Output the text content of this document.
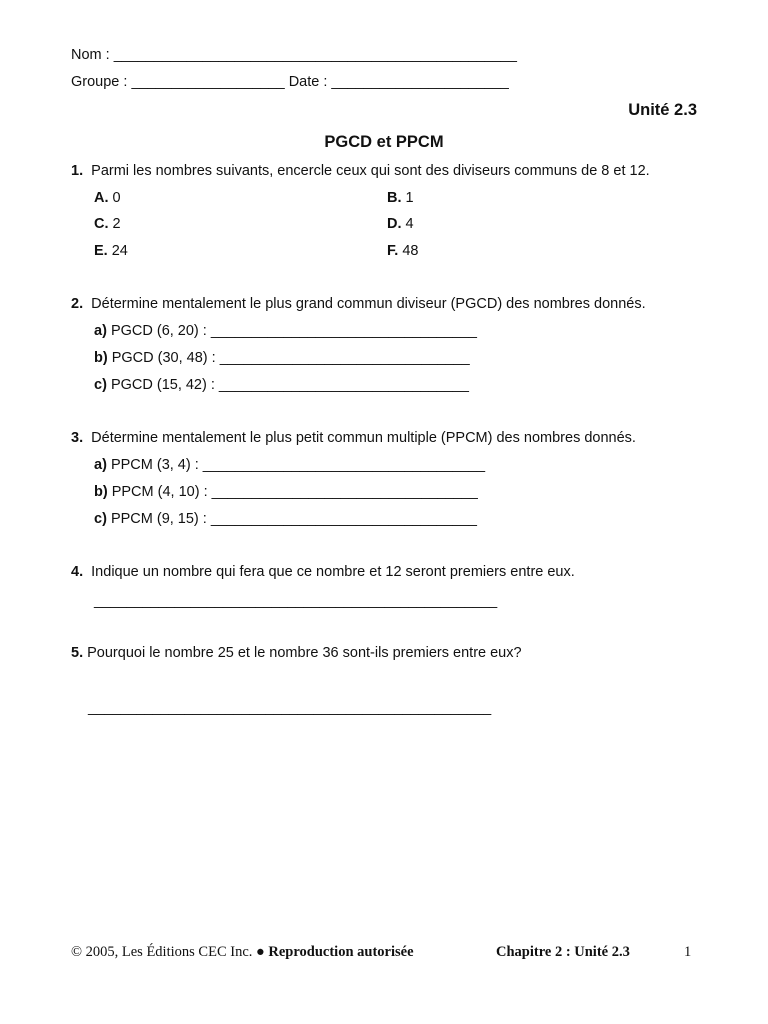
Nom : __________________________________________________
Groupe : ___________________ Date : ______________________
Unité 2.3
PGCD et PPCM
1. Parmi les nombres suivants, encercle ceux qui sont des diviseurs communs de 8 et 12.
A. 0	B. 1
C. 2	D. 4
E. 24	F. 48
2. Détermine mentalement le plus grand commun diviseur (PGCD) des nombres donnés.
a) PGCD (6, 20) : _________________________________
b) PGCD (30, 48) : _______________________________
c) PGCD (15, 42) : _______________________________
3. Détermine mentalement le plus petit commun multiple (PPCM) des nombres donnés.
a) PPCM (3, 4) : ___________________________________
b) PPCM (4, 10) : _________________________________
c) PPCM (9, 15) : _________________________________
4. Indique un nombre qui fera que ce nombre et 12 seront premiers entre eux.
__________________________________________________
5. Pourquoi le nombre 25 et le nombre 36 sont-ils premiers entre eux?
__________________________________________________
© 2005, Les Éditions CEC Inc. ● Reproduction autorisée	Chapitre 2 : Unité 2.3	1
